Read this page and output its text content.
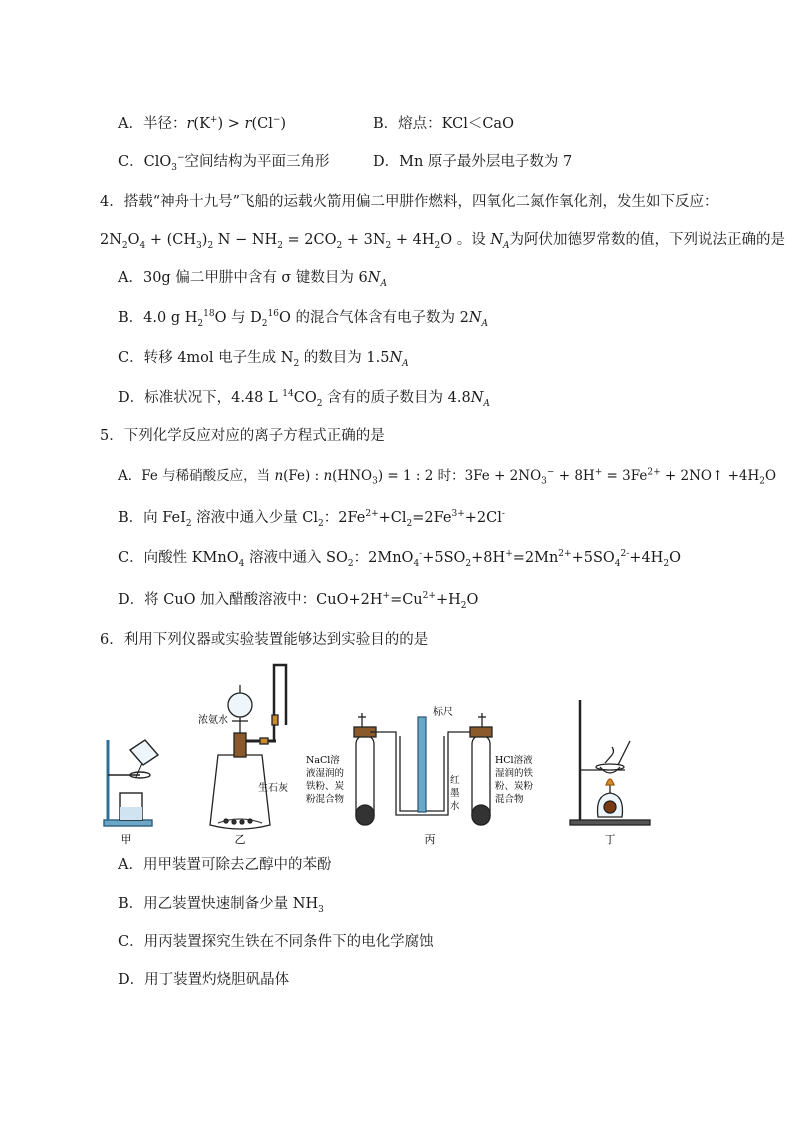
A．半径：r(K+) > r(Cl−)	B．熔点：KCl＜CaO
C．ClO$_3$−空间结构为平面三角形	D．Mn 原子最外层电子数为 7
4．搭载“神舟十九号”飞船的运载火箭用偏二甲肼作燃料，四氧化二氮作氧化剂，发生如下反应：
$2N_2O_4 + (CH_3)_2$ $N - NH_2 = 2CO_2 + 3N_2 + 4H_2O$ 。设 $N_A$为阿伏加德罗常数的值，下列说法正确的是
A．30g 偏二甲肼中含有 σ 键数目为 $6N_A$
B．4.0 g $H_2^{18}O$ 与 $D_2^{16}O$ 的混合气体含有电子数为 $2N_A$
C．转移 4mol 电子生成 $N_2$ 的数目为 $1.5N_A$
D．标准状况下，4.48 L $^{14}CO_2$ 含有的质子数目为 $4.8N_A$
5．下列化学反应对应的离子方程式正确的是
A．Fe 与稀硝酸反应，当 n(Fe) : $n(HNO_3) = 1$ : 2 时：$3Fe + 2NO_3^- + 8H^+ = 3Fe^{2+}$ + 2NO↑ $+4H_2O$
B．向 FeI$_2$ 溶液中通入少量 $Cl_2$：$2Fe^{2+}+Cl_2=2Fe^{3+}+2Cl^-$
C．向酸性 KMnO$_4$ 溶液中通入 $SO_2$：$2MnO_4^-+5SO_2+8H^+=2Mn^{2+}+5SO_4^{2-}+4H_2O$
D．将 CuO 加入醋酸溶液中：$CuO+2H^+=Cu^{2+}+H_2O$
6．利用下列仪器或实验装置能够达到实验目的的是
甲
浓氨水
生石灰
乙
标尺
NaCl溶
液湿润的
铁粉、炭
粉混合物
红
墨
水
HCl溶液
湿润的铁
粉、炭粉
混合物
丙	丁
A．用甲装置可除去乙醇中的苯酚
B．用乙装置快速制备少量 $NH_3$
C．用丙装置探究生铁在不同条件下的电化学腐蚀
D．用丁装置灼烧胆矾晶体
